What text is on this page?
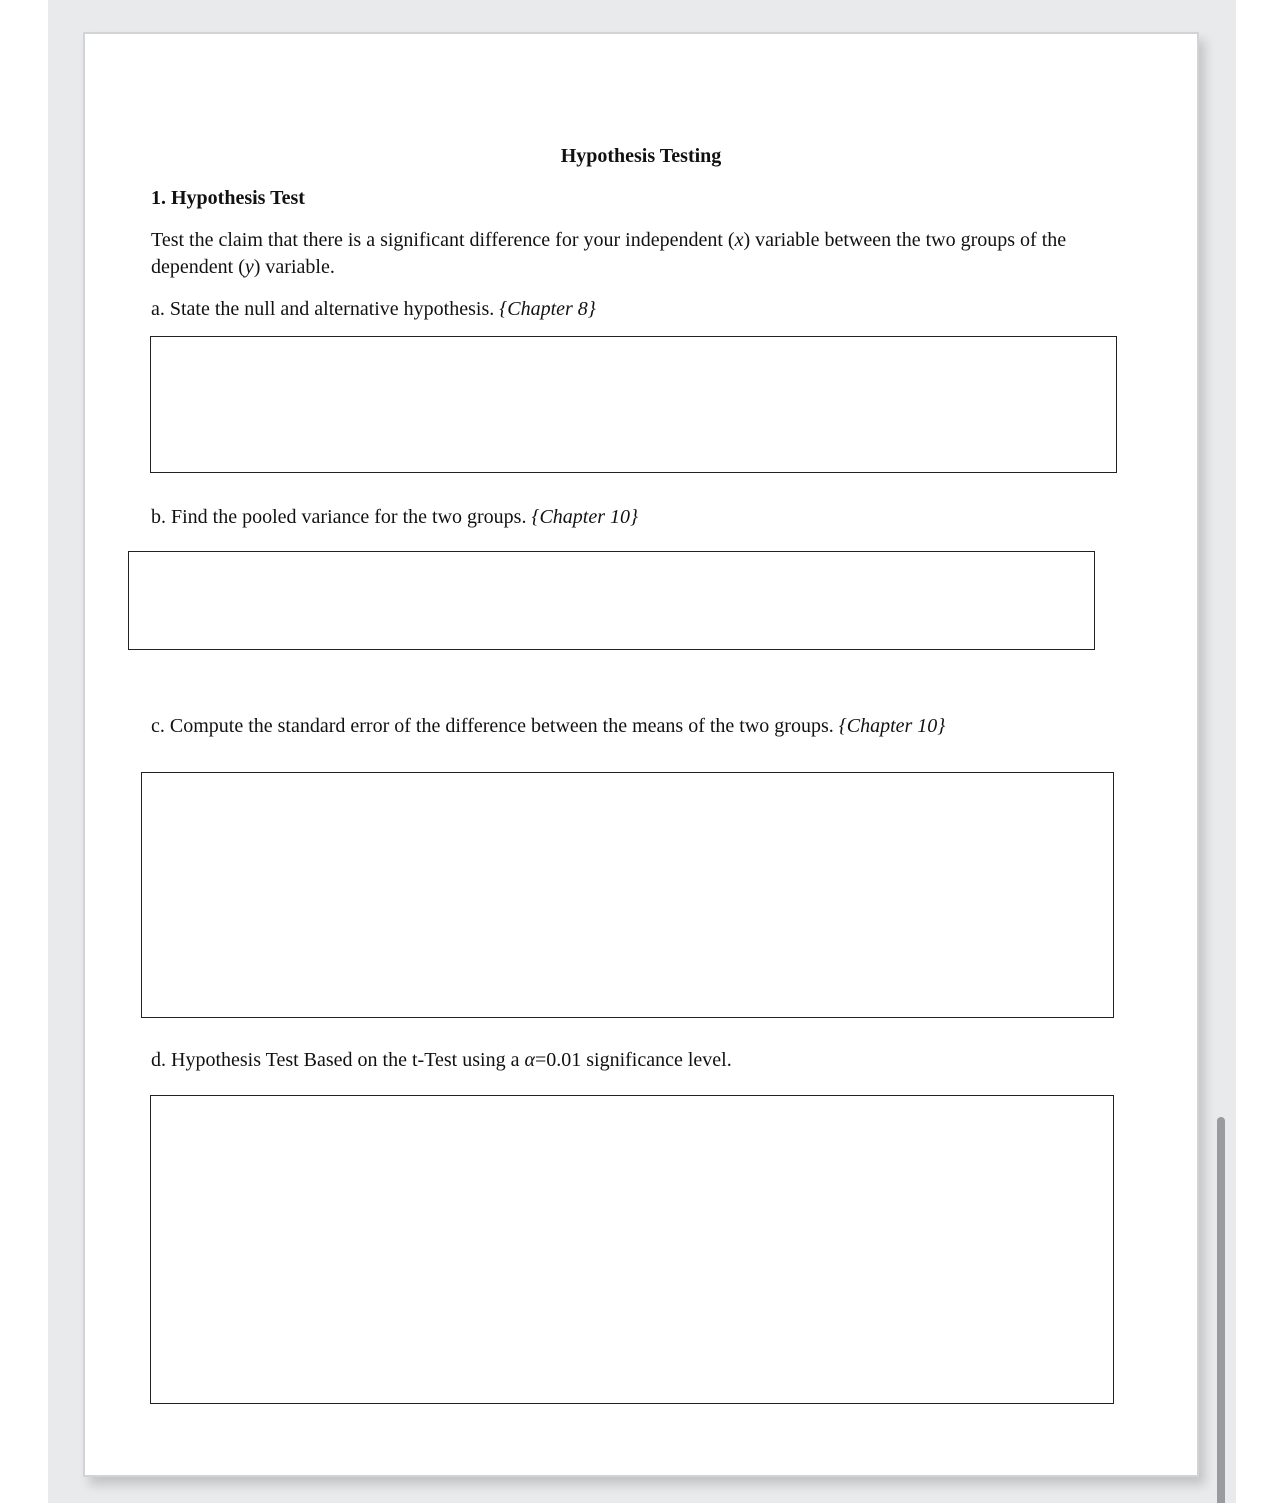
Hypothesis Testing
1. Hypothesis Test
Test the claim that there is a significant difference for your independent (x) variable between the two groups of the dependent (y) variable.
a. State the null and alternative hypothesis. {Chapter 8}
b. Find the pooled variance for the two groups. {Chapter 10}
c. Compute the standard error of the difference between the means of the two groups. {Chapter 10}
d. Hypothesis Test Based on the t-Test using a α=0.01 significance level.
